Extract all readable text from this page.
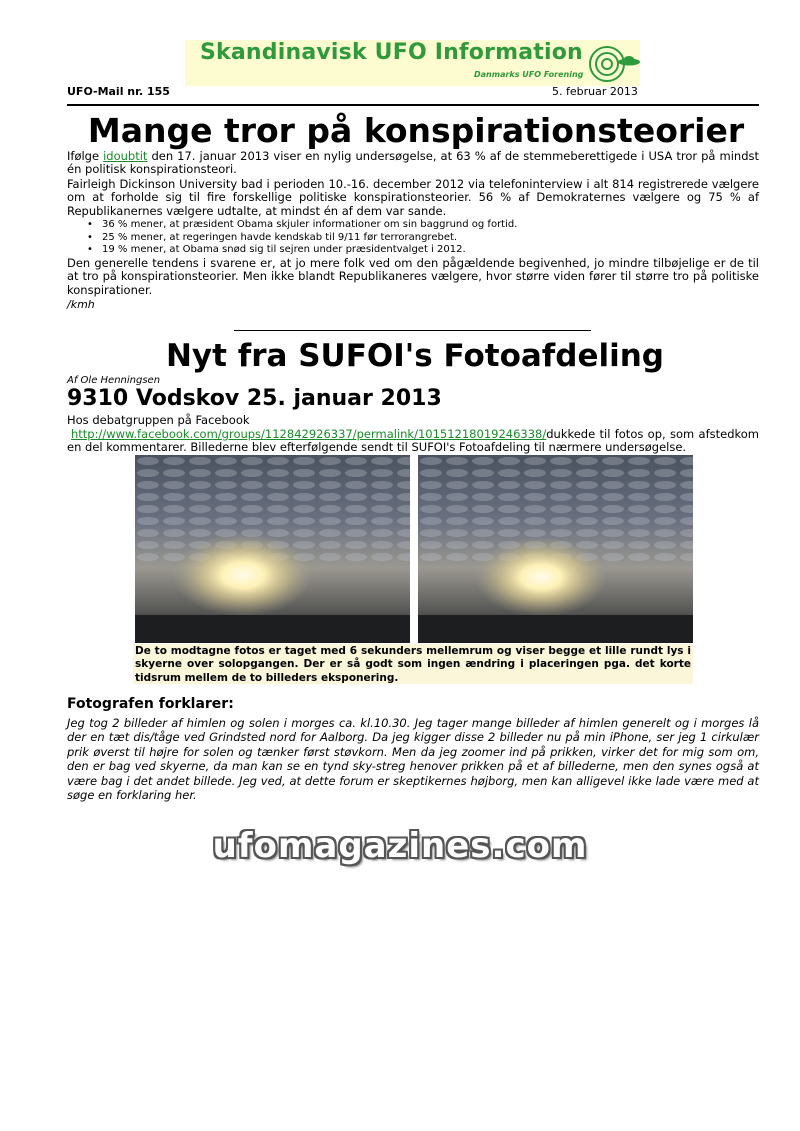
Skandinavisk UFO Information
Danmarks UFO Forening
UFO-Mail nr. 155	5. februar 2013
Mange tror på konspirationsteorier
Ifølge idoubtit den 17. januar 2013 viser en nylig undersøgelse, at 63 % af de stemmeberettigede i USA tror på mindst én politisk konspirationsteori.
Fairleigh Dickinson University bad i perioden 10.-16. december 2012 via telefoninterview i alt 814 registrerede vælgere om at forholde sig til fire forskellige politiske konspirationsteorier. 56 % af Demokraternes vælgere og 75 % af Republikanernes vælgere udtalte, at mindst én af dem var sande.
• 36 % mener, at præsident Obama skjuler informationer om sin baggrund og fortid.
• 25 % mener, at regeringen havde kendskab til 9/11 før terrorangrebet.
• 19 % mener, at Obama snød sig til sejren under præsidentvalget i 2012.
Den generelle tendens i svarene er, at jo mere folk ved om den pågældende begivenhed, jo mindre tilbøjelige er de til at tro på konspirationsteorier. Men ikke blandt Republikaneres vælgere, hvor større viden fører til større tro på politiske konspirationer.
/kmh
Nyt fra SUFOI's Fotoafdeling
Af Ole Henningsen
9310 Vodskov 25. januar 2013
Hos debatgruppen på Facebook
http://www.facebook.com/groups/112842926337/permalink/10151218019246338/dukkede til fotos op, som afstedkom en del kommentarer. Billederne blev efterfølgende sendt til SUFOI's Fotoafdeling til nærmere undersøgelse.
De to modtagne fotos er taget med 6 sekunders mellemrum og viser begge et lille rundt lys i skyerne over solopgangen. Der er så godt som ingen ændring i placeringen pga. det korte tidsrum mellem de to billeders eksponering.
Fotografen forklarer:
Jeg tog 2 billeder af himlen og solen i morges ca. kl.10.30. Jeg tager mange billeder af himlen generelt og i morges lå der en tæt dis/tåge ved Grindsted nord for Aalborg. Da jeg kigger disse 2 billeder nu på min iPhone, ser jeg 1 cirkulær prik øverst til højre for solen og tænker først støvkorn. Men da jeg zoomer ind på prikken, virker det for mig som om, den er bag ved skyerne, da man kan se en tynd sky-streg henover prikken på et af billederne, men den synes også at være bag i det andet billede. Jeg ved, at dette forum er skeptikernes højborg, men kan alligevel ikke lade være med at søge en forklaring her.
ufomagazines.com
